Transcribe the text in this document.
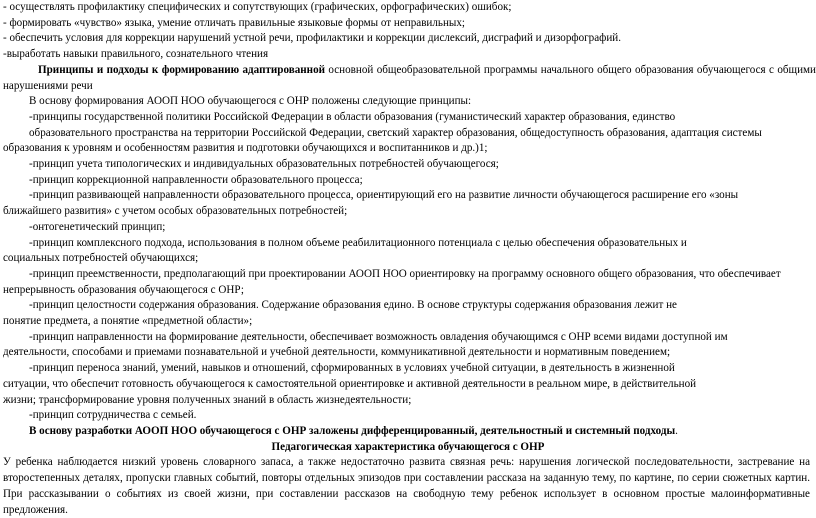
- осуществлять профилактику специфических и сопутствующих (графических, орфографических) ошибок;
- формировать «чувство» языка, умение отличать правильные языковые формы от неправильных;
- обеспечить условия для коррекции нарушений устной речи, профилактики и коррекции дислексий, дисграфий и дизорфографий.
-выработать навыки правильного, сознательного чтения
Принципы и подходы к формированию адаптированной основной общеобразовательной программы начального общего образования обучающегося с общими нарушениями речи
В основу формирования АООП НОО обучающегося с ОНР положены следующие принципы:
-принципы государственной политики Российской Федерации в области образования (гуманистический характер образования, единство
образовательного пространства на территории Российской Федерации, светский характер образования, общедоступность образования, адаптация системы
образования к уровням и особенностям развития и подготовки обучающихся и воспитанников и др.)1;
-принцип учета типологических и индивидуальных образовательных потребностей обучающегося;
-принцип коррекционной направленности образовательного процесса;
-принцип развивающей направленности образовательного процесса, ориентирующий его на развитие личности обучающегося расширение его «зоны
ближайшего развития» с учетом особых образовательных потребностей;
-онтогенетический принцип;
-принцип комплексного подхода, использования в полном объеме реабилитационного потенциала с целью обеспечения образовательных и
социальных потребностей обучающихся;
-принцип преемственности, предполагающий при проектировании АООП НОО ориентировку на программу основного общего образования, что обеспечивает
непрерывность образования обучающегося с ОНР;
-принцип целостности содержания образования. Содержание образования едино. В основе структуры содержания образования лежит не
понятие предмета, а понятие «предметной области»;
-принцип направленности на формирование деятельности, обеспечивает возможность овладения обучающимся с ОНР всеми видами доступной им
деятельности, способами и приемами познавательной и учебной деятельности, коммуникативной деятельности и нормативным поведением;
-принцип переноса знаний, умений, навыков и отношений, сформированных в условиях учебной ситуации, в деятельность в жизненной
ситуации, что обеспечит готовность обучающегося к самостоятельной ориентировке и активной деятельности в реальном мире, в действительной
жизни; трансформирование уровня полученных знаний в область жизнедеятельности;
-принцип сотрудничества с семьей.
В основу разработки АООП НОО обучающегося с ОНР заложены дифференцированный, деятельностный и системный подходы.
Педагогическая характеристика обучающегося с ОНР
У ребенка наблюдается низкий уровень словарного запаса, а также недостаточно развита связная речь: нарушения логической последовательности, застревание на второстепенных деталях, пропуски главных событий, повторы отдельных эпизодов при составлении рассказа на заданную тему, по картине, по серии сюжетных картин. При рассказывании о событиях из своей жизни, при составлении рассказов на свободную тему ребенок использует в основном простые малоинформативные предложения.
